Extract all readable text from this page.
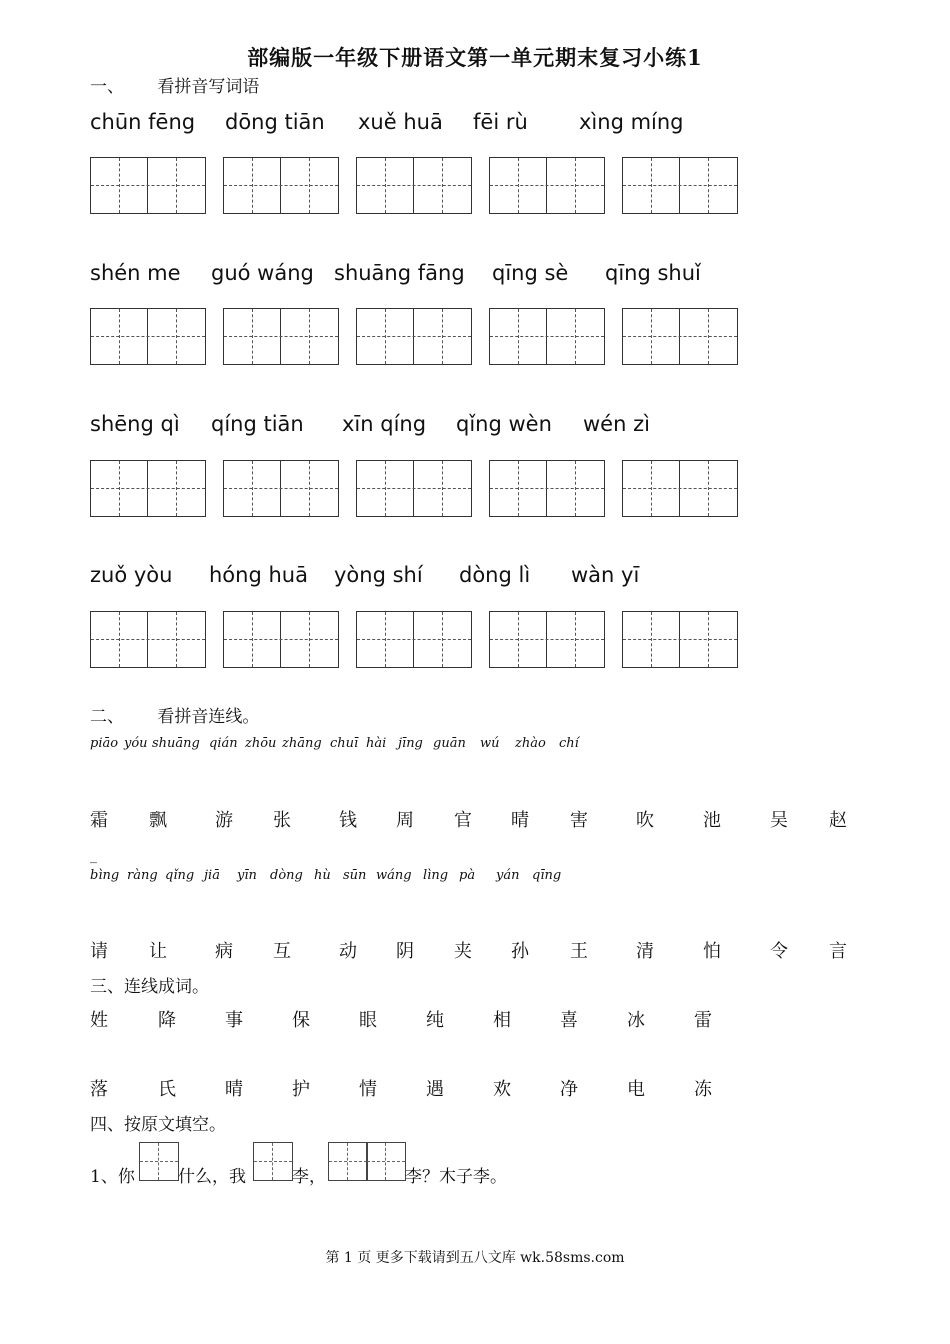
部编版一年级下册语文第一单元期末复习小练1
一、 看拼音写词语
chūn fēng dōng tiān xuě huā fēi rù xìng míng
shén me guó wáng shuāng fāng qīng sè qīng shuǐ
shēng qì qíng tiān xīn qíng qǐng wèn wén zì
zuǒ yòu hóng huā yòng shí dòng lì wàn yī
二、 看拼音连线。
piāo yóu shuāng qián zhōu zhāng chuī hài jīng guān wú zhào chí
霜 飘	游 张	钱 周 官 晴 害	吹	池	吴 赵
_
bìng ràng qǐng jiā yīn dòng hù sūn wáng lìng pà yán qīng
请 让	病 互	动 阴 夹 孙 王	清	怕	令 言
三、连线成词。
姓	降	事	保	眼	纯	相	喜	冰	雷
落	氏	晴	护	情	遇	欢	净	电	冻
四、按原文填空。
1、你	什么，我	李，	李？木子李。
第 1 页 更多下载请到五八文库 wk.58sms.com
